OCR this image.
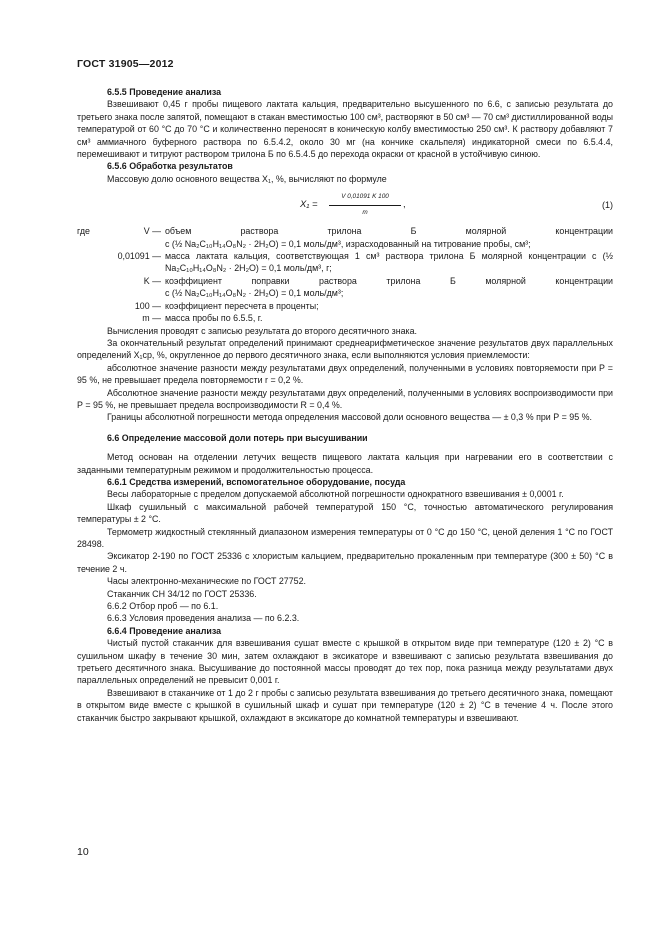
ГОСТ 31905—2012

6.5.5 Проведение анализа

Взвешивают 0,45 г пробы пищевого лактата кальция, предварительно высушенного по 6.6, с записью результата до третьего знака после запятой, помещают в стакан вместимостью 100 см³, растворяют в 50 см³ — 70 см³ дистиллированной воды температурой от 60 °С до 70 °С и количественно переносят в коническую колбу вместимостью 250 см³. К раствору добавляют 7 см³ аммиачного буферного раствора по 6.5.4.2, около 30 мг (на кончике скальпеля) индикаторной смеси по 6.5.4.4, перемешивают и титруют раствором трилона Б по 6.5.4.5 до перехода окраски от красной в устойчивую синюю.

6.5.6 Обработка результатов

Массовую долю основного вещества X₁, %, вычисляют по формуле

$X_1 = \frac{V 0,01091 K 100}{m}$ ,	(1)
где	V — объем раствора трилона Б молярной концентрации
с (½ Na₂C₁₀H₁₄O₈N₂ · 2H₂O) = 0,1 моль/дм³, израсходованный на титрование пробы, см³;
0,01091 — масса лактата кальция, соответствующая 1 см³ раствора трилона Б молярной концентрации с (½ Na₂C₁₀H₁₄O₈N₂ · 2H₂O) = 0,1 моль/дм³, г;
K — коэффициент поправки раствора трилона Б молярной концентрации
с (½ Na₂C₁₀H₁₄O₈N₂ · 2H₂O) = 0,1 моль/дм³;
100 — коэффициент пересчета в проценты;
m — масса пробы по 6.5.5, г.

Вычисления проводят с записью результата до второго десятичного знака.

За окончательный результат определений принимают среднеарифметическое значение результатов двух параллельных определений X₁ср, %, округленное до первого десятичного знака, если выполняются условия приемлемости:

абсолютное значение разности между результатами двух определений, полученными в условиях повторяемости при Р = 95 %, не превышает предела повторяемости r = 0,2 %.

Абсолютное значение разности между результатами двух определений, полученными в условиях воспроизводимости при Р = 95 %, не превышает предела воспроизводимости R = 0,4 %.

Границы абсолютной погрешности метода определения массовой доли основного вещества — ± 0,3 % при Р = 95 %.

6.6 Определение массовой доли потерь при высушивании

Метод основан на отделении летучих веществ пищевого лактата кальция при нагревании его в соответствии с заданными температурным режимом и продолжительностью процесса.

6.6.1 Средства измерений, вспомогательное оборудование, посуда

Весы лабораторные с пределом допускаемой абсолютной погрешности однократного взвешивания ± 0,0001 г.

Шкаф сушильный с максимальной рабочей температурой 150 °С, точностью автоматического регулирования температуры ± 2 °С.

Термометр жидкостный стеклянный диапазоном измерения температуры от 0 °С до 150 °С, ценой деления 1 °С по ГОСТ 28498.

Эксикатор 2-190 по ГОСТ 25336 с хлористым кальцием, предварительно прокаленным при температуре (300 ± 50) °С в течение 2 ч.

Часы электронно-механические по ГОСТ 27752.

Стаканчик СН 34/12 по ГОСТ 25336.

6.6.2 Отбор проб — по 6.1.

6.6.3 Условия проведения анализа — по 6.2.3.

6.6.4 Проведение анализа

Чистый пустой стаканчик для взвешивания сушат вместе с крышкой в открытом виде при температуре (120 ± 2) °С в сушильном шкафу в течение 30 мин, затем охлаждают в эксикаторе и взвешивают с записью результата взвешивания до третьего десятичного знака. Высушивание до постоянной массы проводят до тех пор, пока разница между результатами двух параллельных определений не превысит 0,001 г.

Взвешивают в стаканчике от 1 до 2 г пробы с записью результата взвешивания до третьего десятичного знака, помещают в открытом виде вместе с крышкой в сушильный шкаф и сушат при температуре (120 ± 2) °С в течение 4 ч. После этого стаканчик быстро закрывают крышкой, охлаждают в эксикаторе до комнатной температуры и взвешивают.

10
